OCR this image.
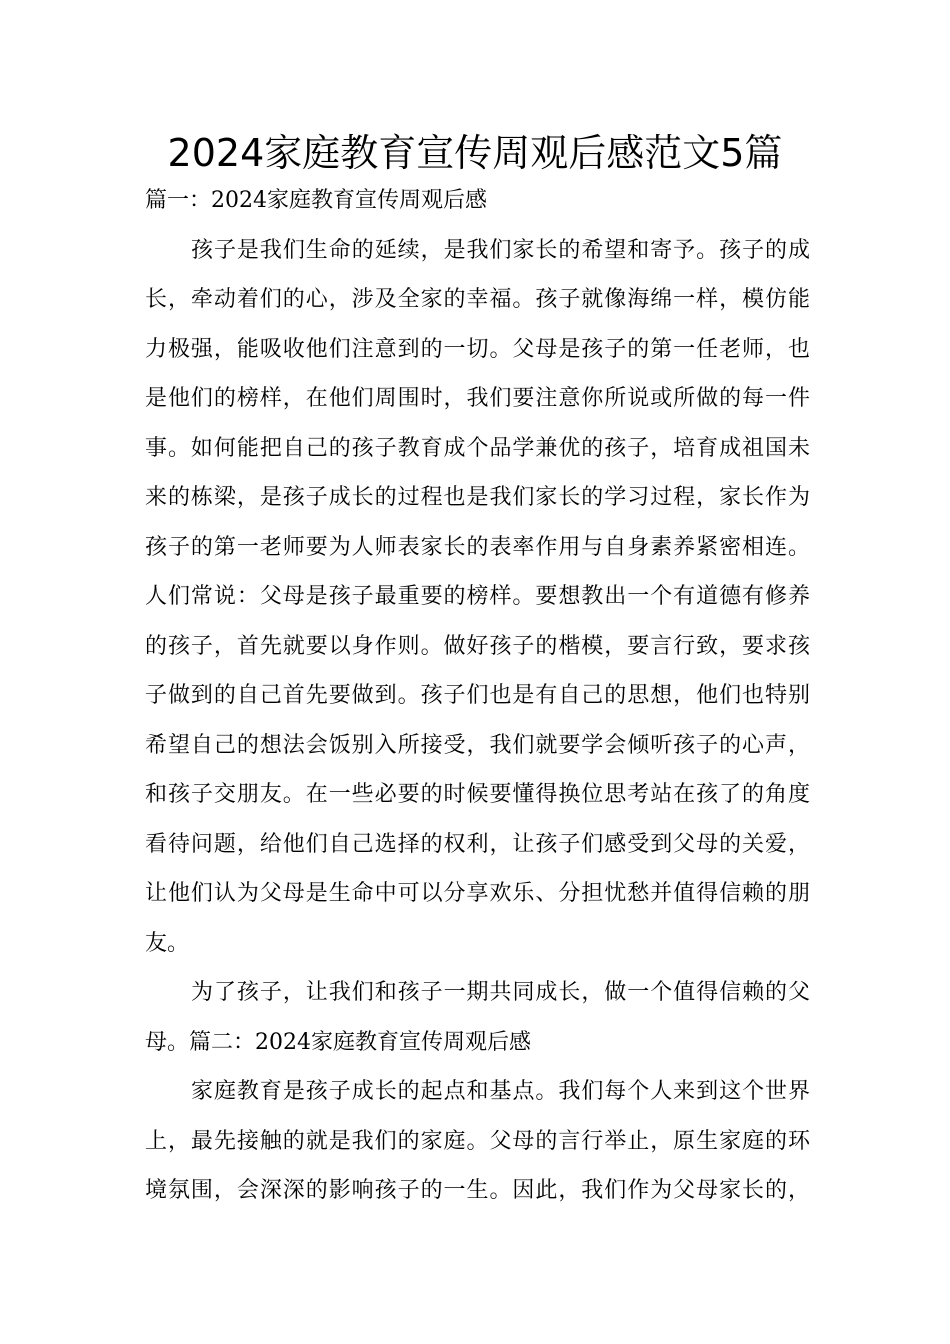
2024家庭教育宣传周观后感范文5篇
篇一：2024家庭教育宣传周观后感
孩子是我们生命的延续，是我们家长的希望和寄予。孩子的成
长，牵动着们的心，涉及全家的幸福。孩子就像海绵一样，模仿能
力极强，能吸收他们注意到的一切。父母是孩子的第一任老师，也
是他们的榜样，在他们周围时，我们要注意你所说或所做的每一件
事。如何能把自己的孩子教育成个品学兼优的孩子，培育成祖国未
来的栋梁，是孩子成长的过程也是我们家长的学习过程，家长作为
孩子的第一老师要为人师表家长的表率作用与自身素养紧密相连。
人们常说：父母是孩子最重要的榜样。要想教出一个有道德有修养
的孩子，首先就要以身作则。做好孩子的楷模，要言行致，要求孩
子做到的自己首先要做到。孩子们也是有自己的思想，他们也特别
希望自己的想法会饭别入所接受，我们就要学会倾听孩子的心声，
和孩子交朋友。在一些必要的时候要懂得换位思考站在孩了的角度
看待问题，给他们自己选择的权利，让孩子们感受到父母的关爱，
让他们认为父母是生命中可以分享欢乐、分担忧愁并值得信赖的朋
友。
为了孩子，让我们和孩子一期共同成长，做一个值得信赖的父
母。篇二：2024家庭教育宣传周观后感
家庭教育是孩子成长的起点和基点。我们每个人来到这个世界
上，最先接触的就是我们的家庭。父母的言行举止，原生家庭的环
境氛围，会深深的影响孩子的一生。因此，我们作为父母家长的，
